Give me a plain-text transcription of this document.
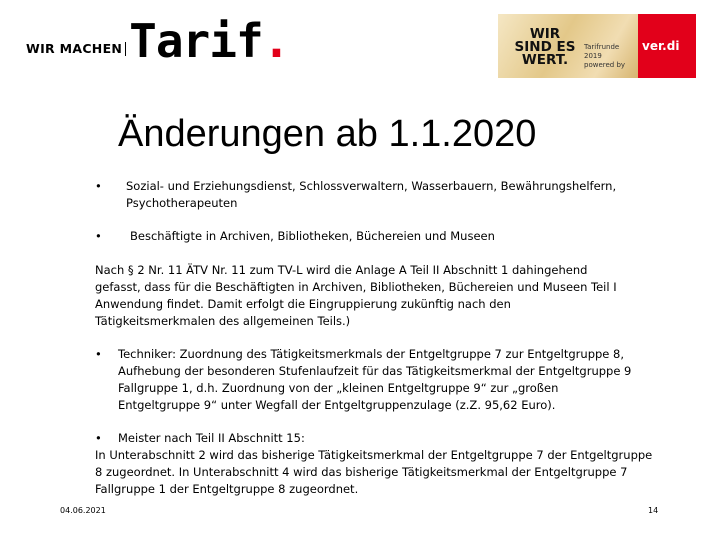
WIR MACHEN Tarif.	WIR SIND ES WERT.
Tarifrunde 2019
powered by
ver.di
Änderungen ab 1.1.2020
• Sozial- und Erziehungsdienst, Schlossverwaltern, Wasserbauern, Bewährungshelfern, Psychotherapeuten
• Beschäftigte in Archiven, Bibliotheken, Büchereien und Museen
Nach § 2 Nr. 11 ÄTV Nr. 11 zum TV-L wird die Anlage A Teil II Abschnitt 1 dahingehend gefasst, dass für die Beschäftigten in Archiven, Bibliotheken, Büchereien und Museen Teil I Anwendung findet. Damit erfolgt die Eingruppierung zukünftig nach den Tätigkeitsmerkmalen des allgemeinen Teils.)
• Techniker: Zuordnung des Tätigkeitsmerkmals der Entgeltgruppe 7 zur Entgeltgruppe 8, Aufhebung der besonderen Stufenlaufzeit für das Tätigkeitsmerkmal der Entgeltgruppe 9 Fallgruppe 1, d.h. Zuordnung von der „kleinen Entgeltgruppe 9“ zur „großen Entgeltgruppe 9“ unter Wegfall der Entgeltgruppenzulage (z.Z. 95,62 Euro).
• Meister nach Teil II Abschnitt 15:
In Unterabschnitt 2 wird das bisherige Tätigkeitsmerkmal der Entgeltgruppe 7 der Entgeltgruppe 8 zugeordnet. In Unterabschnitt 4 wird das bisherige Tätigkeitsmerkmal der Entgeltgruppe 7 Fallgruppe 1 der Entgeltgruppe 8 zugeordnet.
04.06.2021	14
